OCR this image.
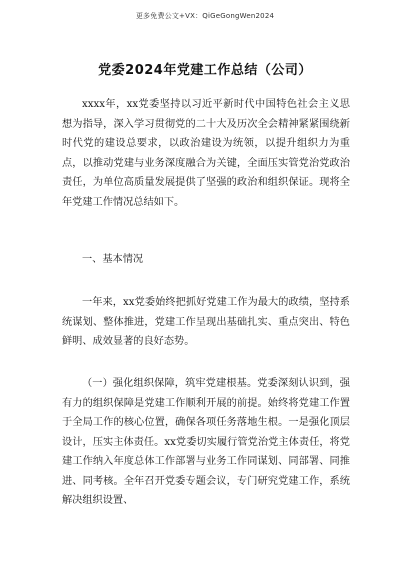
更多免费公文+VX：QiGeGongWen2024
党委2024年党建工作总结（公司）

xxxx年，xx党委坚持以习近平新时代中国特色社会主义思想为指导，深入学习贯彻党的二十大及历次全会精神紧紧围绕新时代党的建设总要求，以政治建设为统领，以提升组织力为重点，以推动党建与业务深度融合为关键，全面压实管党治党政治责任，为单位高质量发展提供了坚强的政治和组织保证。现将全年党建工作情况总结如下。

一、基本情况

一年来，xx党委始终把抓好党建工作为最大的政绩，坚持系统谋划、整体推进，党建工作呈现出基础扎实、重点突出、特色鲜明、成效显著的良好态势。

（一）强化组织保障，筑牢党建根基。党委深刻认识到，强有力的组织保障是党建工作顺利开展的前提。始终将党建工作置于全局工作的核心位置，确保各项任务落地生根。一是强化顶层设计，压实主体责任。xx党委切实履行管党治党主体责任，将党建工作纳入年度总体工作部署与业务工作同谋划、同部署、同推进、同考核。全年召开党委专题会议，专门研究党建工作，系统解决组织设置、
